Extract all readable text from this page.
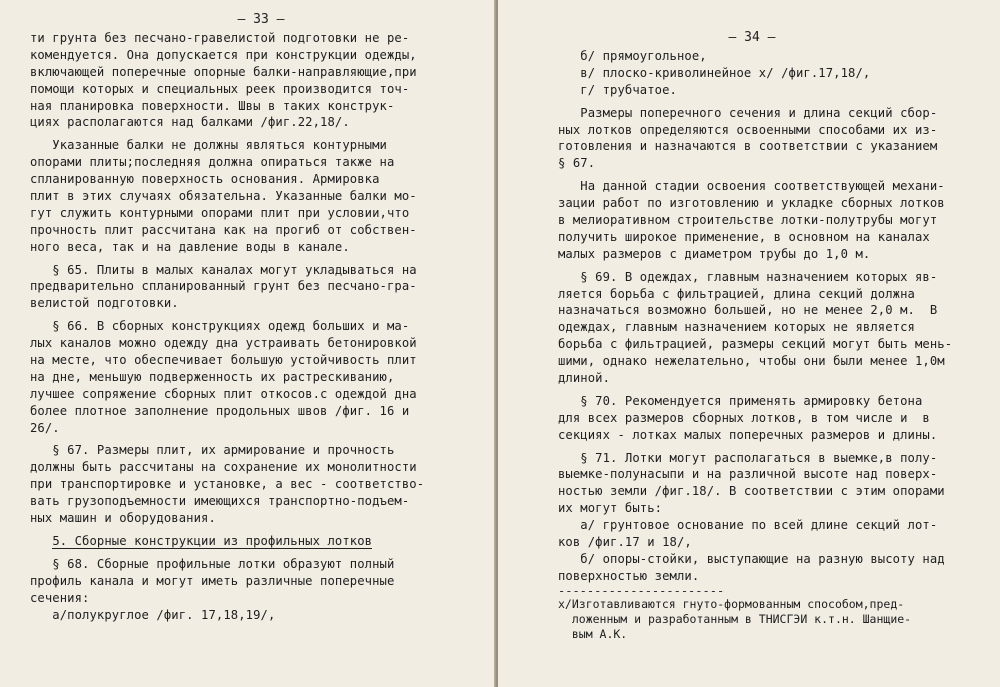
— 33 —
ти грунта без песчано-гравелистой подготовки не ре-
комендуется. Она допускается при конструкции одежды,
включающей поперечные опорные балки-направляющие,при
помощи которых и специальных реек производится точ-
ная планировка поверхности. Швы в таких конструк-
циях располагаются над балками /фиг.22,18/.
Указанные балки не должны являться контурными
опорами плиты;последняя должна опираться также на
спланированную поверхность основания. Армировка
плит в этих случаях обязательна. Указанные балки мо-
гут служить контурными опорами плит при условии,что
прочность плит рассчитана как на прогиб от собствен-
ного веса, так и на давление воды в канале.
§ 65. Плиты в малых каналах могут укладываться на
предварительно спланированный грунт без песчано-гра-
велистой подготовки.
§ 66. В сборных конструкциях одежд больших и ма-
лых каналов можно одежду дна устраивать бетонировкой
на месте, что обеспечивает большую устойчивость плит
на дне, меньшую подверженность их растрескиванию,
лучшее сопряжение сборных плит откосов.с одеждой дна
более плотное заполнение продольных швов /фиг. 16 и
26/.
§ 67. Размеры плит, их армирование и прочность
должны быть рассчитаны на сохранение их монолитности
при транспортировке и установке, а вес - соответство-
вать грузоподъемности имеющихся транспортно-подъем-
ных машин и оборудования.
5. Сборные конструкции из профильных лотков
§ 68. Сборные профильные лотки образуют полный
профиль канала и могут иметь различные поперечные
сечения:
а/полукруглое /фиг. 17,18,19/,
— 34 —
б/ прямоугольное,
в/ плоско-криволинейное x/ /фиг.17,18/,
г/ трубчатое.
Размеры поперечного сечения и длина секций сбор-
ных лотков определяются освоенными способами их из-
готовления и назначаются в соответствии с указанием
§ 67.
На данной стадии освоения соответствующей механи-
зации работ по изготовлению и укладке сборных лотков
в мелиоративном строительстве лотки-полутрубы могут
получить широкое применение, в основном на каналах
малых размеров с диаметром трубы до 1,0 м.
§ 69. В одеждах, главным назначением которых яв-
ляется борьба с фильтрацией, длина секций должна
назначаться возможно большей, но не менее 2,0 м.  В
одеждах, главным назначением которых не является
борьба с фильтрацией, размеры секций могут быть мень-
шими, однако нежелательно, чтобы они были менее 1,0м
длиной.
§ 70. Рекомендуется применять армировку бетона
для всех размеров сборных лотков, в том числе и  в
секциях - лотках малых поперечных размеров и длины.
§ 71. Лотки могут располагаться в выемке,в полу-
выемке-полунасыпи и на различной высоте над поверх-
ностью земли /фиг.18/. В соответствии с этим опорами
их могут быть:
а/ грунтовое основание по всей длине секций лот-
ков /фиг.17 и 18/,
б/ опоры-стойки, выступающие на разную высоту над
поверхностью земли.
-----------------------
x/Изготавливаются гнуто-формованным способом,пред-
ложенным и разработанным в ТНИСГЭИ к.т.н. Шанщие-
вым А.К.
